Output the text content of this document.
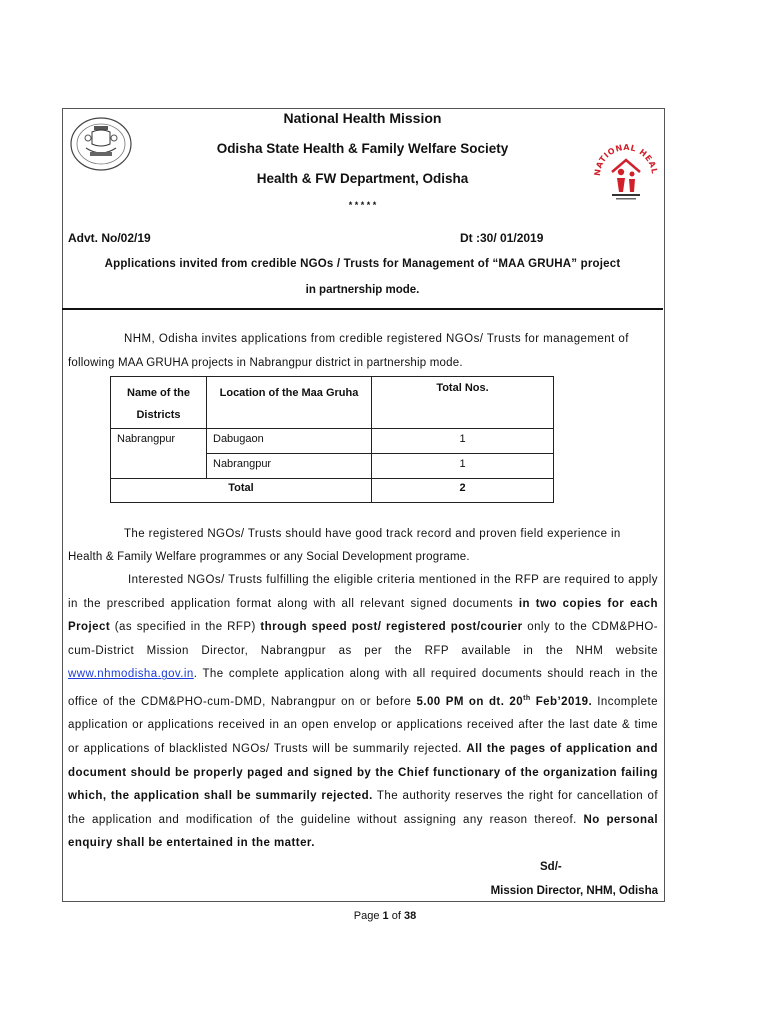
NATIONAL HEAL
National Health Mission
Odisha State Health & Family Welfare Society
Health & FW Department, Odisha
* * * * *
Advt. No/02/19	Dt :30/ 01/2019
Applications invited from credible NGOs / Trusts for Management of “MAA GRUHA” project
in partnership mode.
NHM, Odisha invites applications from credible registered NGOs/ Trusts for management of
following MAA GRUHA projects in Nabrangpur district in partnership mode.
Name of the Districts	Location of the Maa Gruha	Total Nos.
Nabrangpur	Dabugaon	1
	Nabrangpur	1
Total		2
The registered NGOs/ Trusts should have good track record and proven field experience in
Health & Family Welfare programmes or any Social Development programe.

Interested NGOs/ Trusts fulfilling the eligible criteria mentioned in the RFP are required to apply in the prescribed application format along with all relevant signed documents in two copies for each Project (as specified in the RFP) through speed post/ registered post/courier only to the CDM&PHO-cum-District Mission Director, Nabrangpur as per the RFP available in the NHM website www.nhmodisha.gov.in. The complete application along with all required documents should reach in the office of the CDM&PHO-cum-DMD, Nabrangpur on or before 5.00 PM on dt. 20th Feb’2019. Incomplete application or applications received in an open envelop or applications received after the last date & time or applications of blacklisted NGOs/ Trusts will be summarily rejected. All the pages of application and document should be properly paged and signed by the Chief functionary of the organization failing which, the application shall be summarily rejected. The authority reserves the right for cancellation of the application and modification of the guideline without assigning any reason thereof. No personal enquiry shall be entertained in the matter.

Sd/-
Mission Director, NHM, Odisha
Page 1 of 38
